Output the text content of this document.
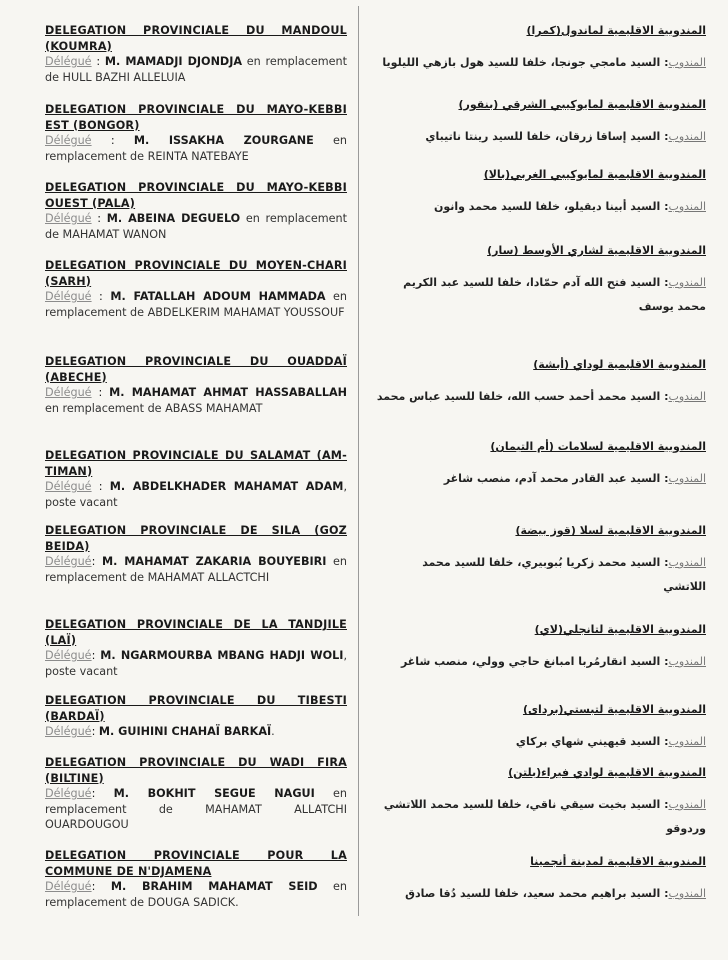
DELEGATION PROVINCIALE DU MANDOUL (KOUMRA)
Délégué : M. MAMADJI DJONDJA en remplacement de HULL BAZHI ALLELUIA
DELEGATION PROVINCIALE DU MAYO-KEBBI EST (BONGOR)
Délégué : M. ISSAKHA ZOURGANE en remplacement de REINTA NATEBAYE
DELEGATION PROVINCIALE DU MAYO-KEBBI OUEST (PALA)
Délégué : M. ABEINA DEGUELO en remplacement de MAHAMAT WANON
DELEGATION PROVINCIALE DU MOYEN-CHARI (SARH)
Délégué : M. FATALLAH ADOUM HAMMADA en remplacement de ABDELKERIM MAHAMAT YOUSSOUF
DELEGATION PROVINCIALE DU OUADDAÏ (ABECHE)
Délégué : M. MAHAMAT AHMAT HASSABALLAH en remplacement de ABASS MAHAMAT
DELEGATION PROVINCIALE DU SALAMAT (AM-TIMAN)
Délégué : M. ABDELKHADER MAHAMAT ADAM, poste vacant
DELEGATION PROVINCIALE DE SILA (GOZ BEIDA)
Délégué: M. MAHAMAT ZAKARIA BOUYEBIRI en remplacement de MAHAMAT ALLACTCHI
DELEGATION PROVINCIALE DE LA TANDJILE (LAÏ)
Délégué: M. NGARMOURBA MBANG HADJI WOLI, poste vacant
DELEGATION PROVINCIALE DU TIBESTI (BARDAÏ)
Délégué: M. GUIHINI CHAHAÏ BARKAÏ.
DELEGATION PROVINCIALE DU WADI FIRA (BILTINE)
Délégué: M. BOKHIT SEGUE NAGUI en remplacement de MAHAMAT ALLATCHI OUARDOUGOU
DELEGATION PROVINCIALE POUR LA COMMUNE DE N'DJAMENA
Délégué: M. BRAHIM MAHAMAT SEID en remplacement de DOUGA SADICK.
المندوبية الاقليمية لماندول(كمرا)
المندوب: السيد مامجي جونجا، خلفا للسيد هول بازهي الليلويا
المندوبية الاقليمية لمايوكيبي الشرقي (بنقور)
المندوب: السيد إساقا زرقان، خلفا للسيد رينتا ناتيباي
المندوبية الاقليمية لمايوكيبي الغربي(بالا)
المندوب: السيد أبينا ديقيلو، خلفا للسيد محمد وانون
المندوبية الاقليمية لشاري الأوسط (سار)
المندوب: السيد فتح الله آدم حمّادا، خلفا للسيد عبد الكريم محمد يوسف
المندوبية الاقليمية لوداي (أبشة)
المندوب: السيد محمد أحمد حسب الله، خلفا للسيد عباس محمد
المندوبية الاقليمية لسلامات (أم التيمان)
المندوب: السيد عبد القادر محمد آدم، منصب شاغر
المندوبية الاقليمية لسلا (قوز بيضة)
المندوب: السيد محمد زكريا بُبوبيري، خلفا للسيد محمد اللاتشي
المندوبية الاقليمية لتانجلي(لاي)
المندوب: السيد انقارمُربا امبانغ حاجي وولي، منصب شاغر
المندوبية الاقليمية لتبستي(بردای)
المندوب: السيد قيهيني شهاي بركاي
المندوبية الاقليمية لوادي فيراء(بلتن)
المندوب: السيد بخيت سيقي ناقي، خلفا للسيد محمد اللاتشي وردوقو
المندوبية الاقليمية لمدينة أنجمينا
المندوب: السيد براهيم محمد سعيد، خلفا للسيد دُقا صادق
